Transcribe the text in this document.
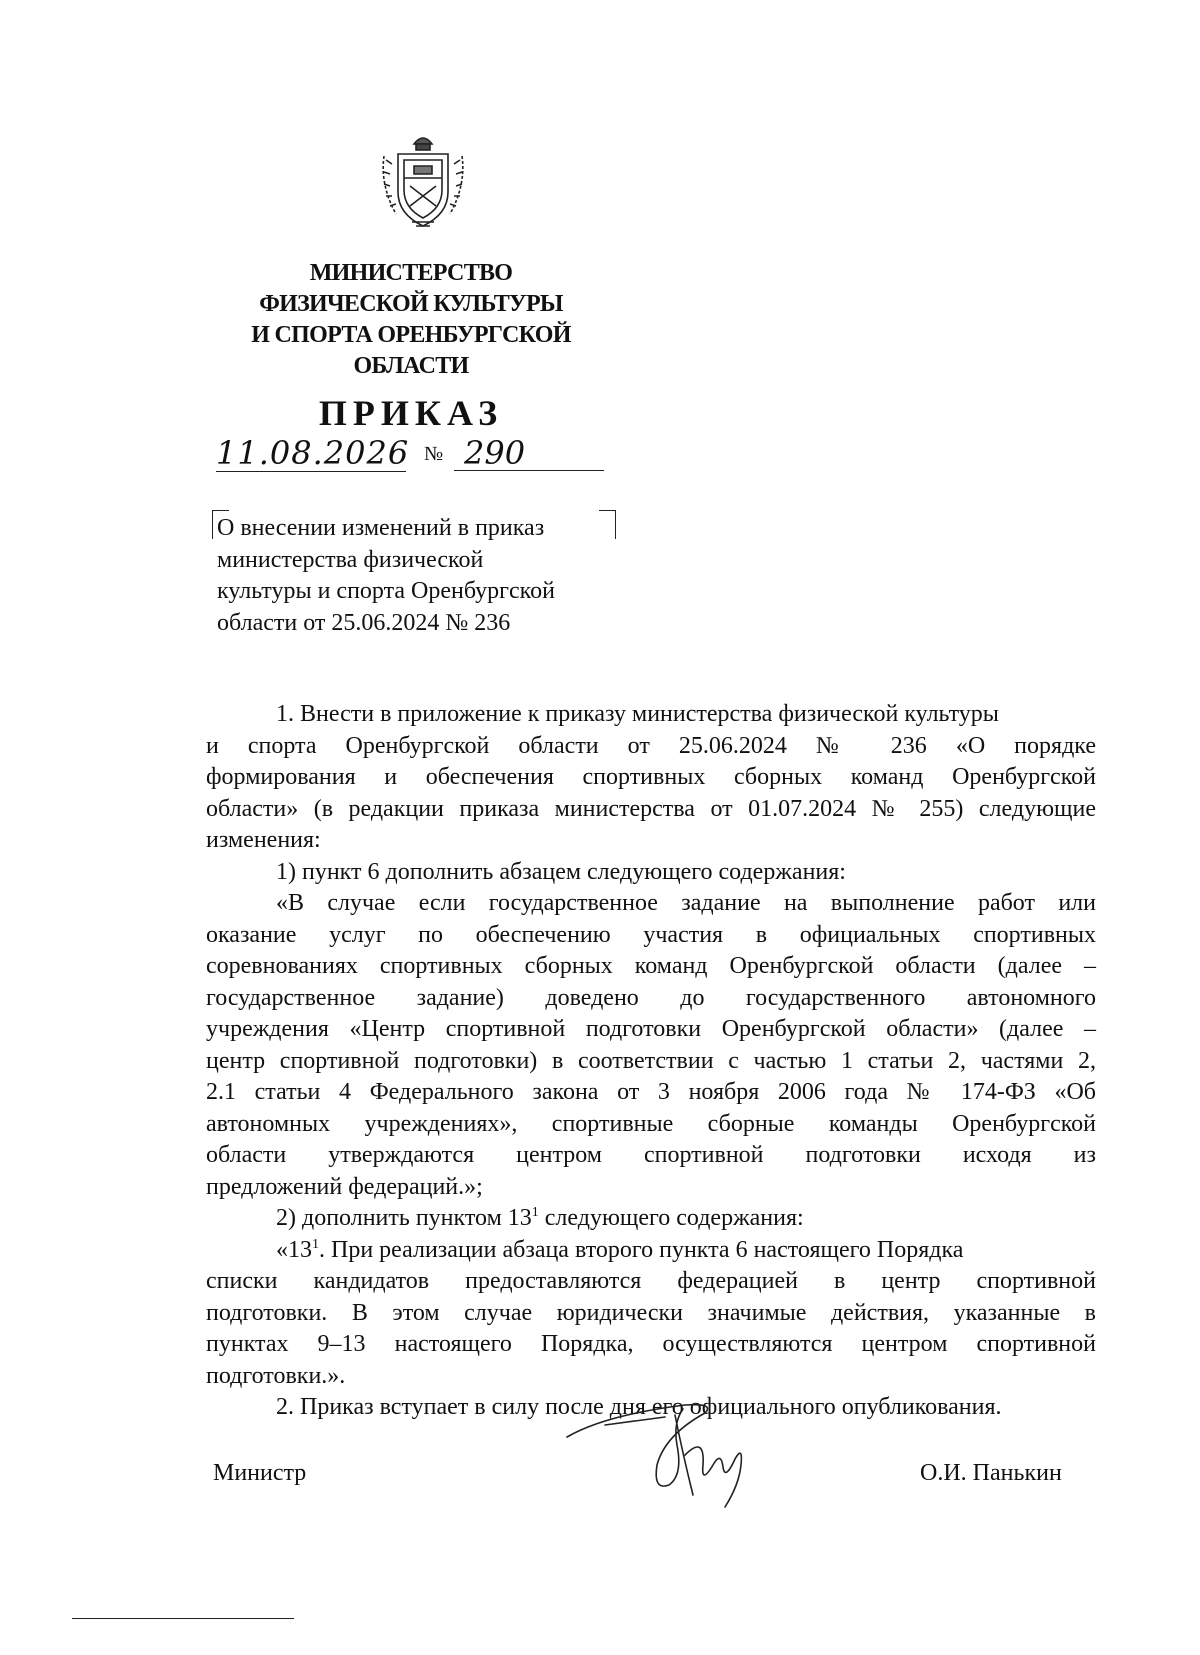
МИНИСТЕРСТВО
ФИЗИЧЕСКОЙ КУЛЬТУРЫ
И СПОРТА ОРЕНБУРГСКОЙ
ОБЛАСТИ
ПРИКАЗ
11.08.2026 № 290
О внесении изменений в приказ
министерства физической
культуры и спорта Оренбургской
области от 25.06.2024 № 236
1. Внести в приложение к приказу министерства физической культуры
и спорта Оренбургской области от 25.06.2024 № 236 «О порядке
формирования и обеспечения спортивных сборных команд Оренбургской
области» (в редакции приказа министерства от 01.07.2024 № 255) следующие
изменения:
1) пункт 6 дополнить абзацем следующего содержания:
«В случае если государственное задание на выполнение работ или
оказание услуг по обеспечению участия в официальных спортивных
соревнованиях спортивных сборных команд Оренбургской области (далее –
государственное задание) доведено до государственного автономного
учреждения «Центр спортивной подготовки Оренбургской области» (далее –
центр спортивной подготовки) в соответствии с частью 1 статьи 2, частями 2,
2.1 статьи 4 Федерального закона от 3 ноября 2006 года № 174-ФЗ «Об
автономных учреждениях», спортивные сборные команды Оренбургской
области утверждаются центром спортивной подготовки исходя из
предложений федераций.»;
2) дополнить пунктом $13^1$ следующего содержания:
«$13^1$. При реализации абзаца второго пункта 6 настоящего Порядка
списки кандидатов предоставляются федерацией в центр спортивной
подготовки. В этом случае юридически значимые действия, указанные в
пунктах 9–13 настоящего Порядка, осуществляются центром спортивной
подготовки.».
2. Приказ вступает в силу после дня его официального опубликования.
Министр	О.И. Панькин
